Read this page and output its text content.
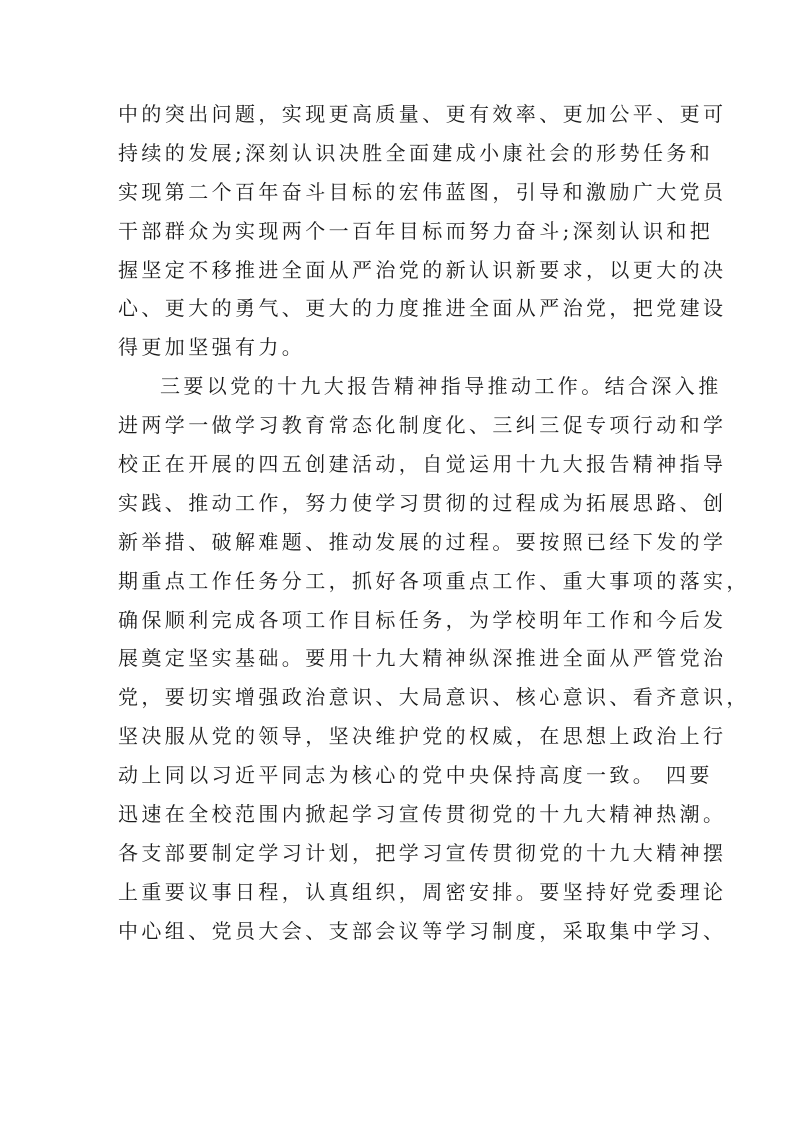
中的突出问题，实现更高质量、更有效率、更加公平、更可
持续的发展;深刻认识决胜全面建成小康社会的形势任务和
实现第二个百年奋斗目标的宏伟蓝图，引导和激励广大党员
干部群众为实现两个一百年目标而努力奋斗;深刻认识和把
握坚定不移推进全面从严治党的新认识新要求，以更大的决
心、更大的勇气、更大的力度推进全面从严治党，把党建设
得更加坚强有力。
三要以党的十九大报告精神指导推动工作。结合深入推
进两学一做学习教育常态化制度化、三纠三促专项行动和学
校正在开展的四五创建活动，自觉运用十九大报告精神指导
实践、推动工作，努力使学习贯彻的过程成为拓展思路、创
新举措、破解难题、推动发展的过程。要按照已经下发的学
期重点工作任务分工，抓好各项重点工作、重大事项的落实，
确保顺利完成各项工作目标任务，为学校明年工作和今后发
展奠定坚实基础。要用十九大精神纵深推进全面从严管党治
党，要切实增强政治意识、大局意识、核心意识、看齐意识，
坚决服从党的领导，坚决维护党的权威，在思想上政治上行
动上同以习近平同志为核心的党中央保持高度一致。 四要
迅速在全校范围内掀起学习宣传贯彻党的十九大精神热潮。
各支部要制定学习计划，把学习宣传贯彻党的十九大精神摆
上重要议事日程，认真组织，周密安排。要坚持好党委理论
中心组、党员大会、支部会议等学习制度，采取集中学习、
